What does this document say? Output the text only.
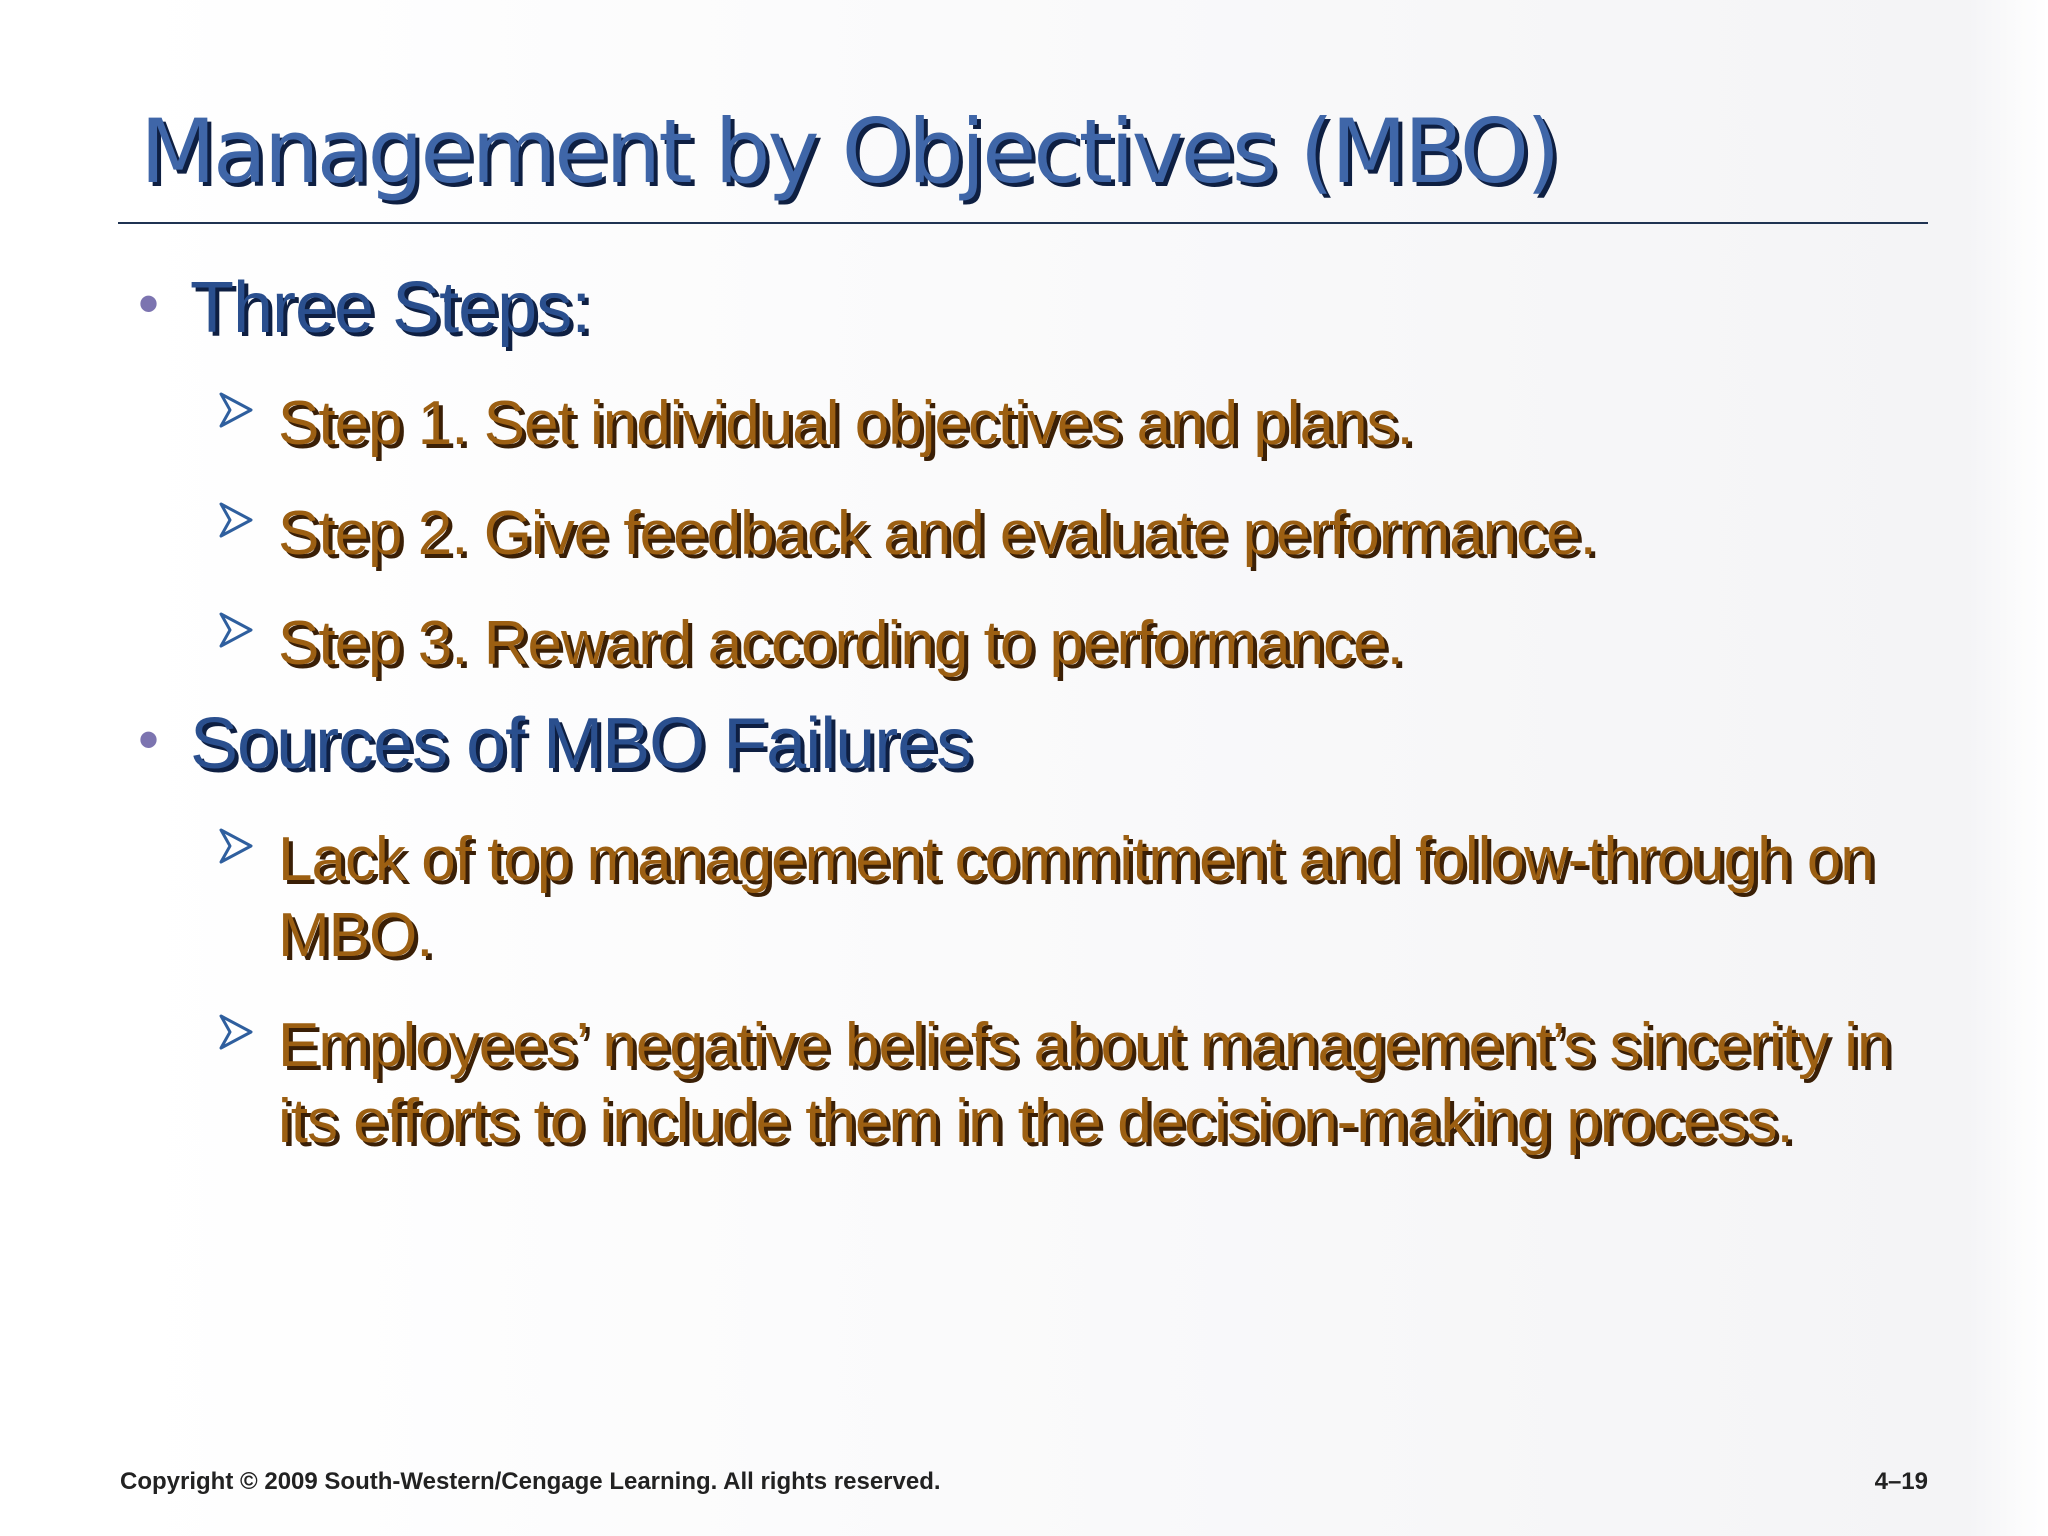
Management by Objectives (MBO)
• Three Steps:
Step 1. Set individual objectives and plans.
Step 2. Give feedback and evaluate performance.
Step 3. Reward according to performance.
• Sources of MBO Failures
Lack of top management commitment and follow-through on MBO.
Employees’ negative beliefs about management’s sincerity in its efforts to include them in the decision-making process.
Copyright © 2009 South-Western/Cengage Learning. All rights reserved.	4–19
